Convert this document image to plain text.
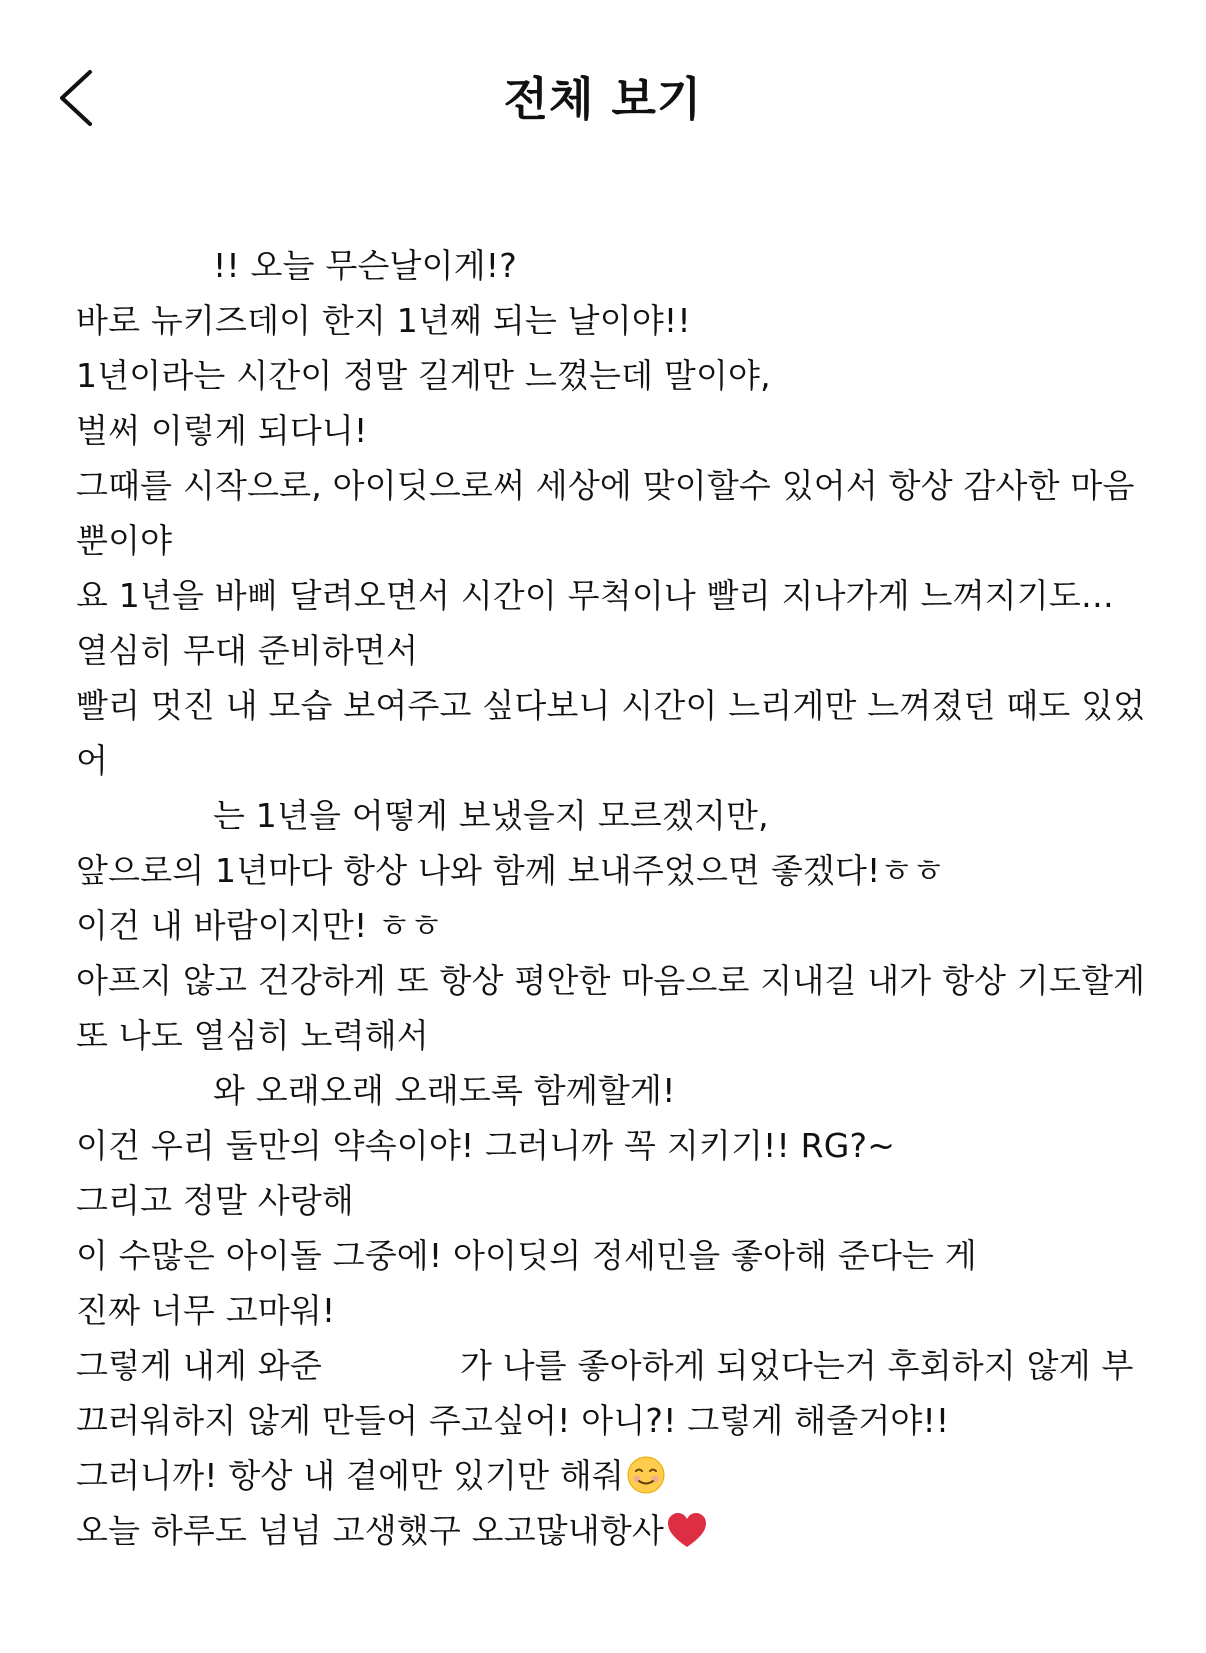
전체 보기
!! 오늘 무슨날이게!?
바로 뉴키즈데이 한지 1년째 되는 날이야!!
1년이라는 시간이 정말 길게만 느꼈는데 말이야,
벌써 이렇게 되다니!
그때를 시작으로, 아이딧으로써 세상에 맞이할수 있어서 항상 감사한 마음
뿐이야
요 1년을 바삐 달려오면서 시간이 무척이나 빨리 지나가게 느껴지기도…
열심히 무대 준비하면서
빨리 멋진 내 모습 보여주고 싶다보니 시간이 느리게만 느껴졌던 때도 있었
어
는 1년을 어떻게 보냈을지 모르겠지만,
앞으로의 1년마다 항상 나와 함께 보내주었으면 좋겠다!ㅎㅎ
이건 내 바람이지만! ㅎㅎ
아프지 않고 건강하게 또 항상 평안한 마음으로 지내길 내가 항상 기도할게
또 나도 열심히 노력해서
와 오래오래 오래도록 함께할게!
이건 우리 둘만의 약속이야! 그러니까 꼭 지키기!! RG?~
그리고 정말 사랑해
이 수많은 아이돌 그중에! 아이딧의 정세민을 좋아해 준다는 게
진짜 너무 고마워!
그렇게 내게 와준	가 나를 좋아하게 되었다는거 후회하지 않게 부
끄러워하지 않게 만들어 주고싶어! 아니?! 그렇게 해줄거야!!
그러니까! 항상 내 곁에만 있기만 해줘
오늘 하루도 넘넘 고생했구 오고많내항사
